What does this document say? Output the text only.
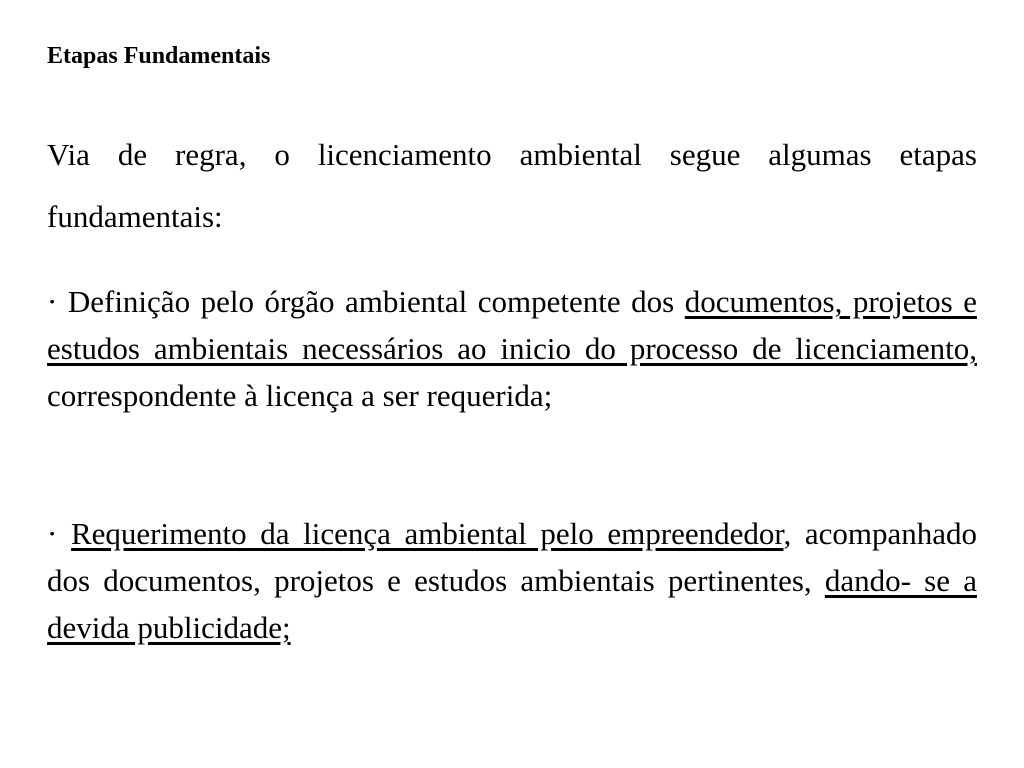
Etapas Fundamentais
Via de regra, o licenciamento ambiental segue algumas etapas fundamentais:
· Definição pelo órgão ambiental competente dos documentos, projetos e estudos ambientais necessários ao inicio do processo de licenciamento, correspondente à licença a ser requerida;
· Requerimento da licença ambiental pelo empreendedor, acompanhado dos documentos, projetos e estudos ambientais pertinentes, dando- se a devida publicidade;
